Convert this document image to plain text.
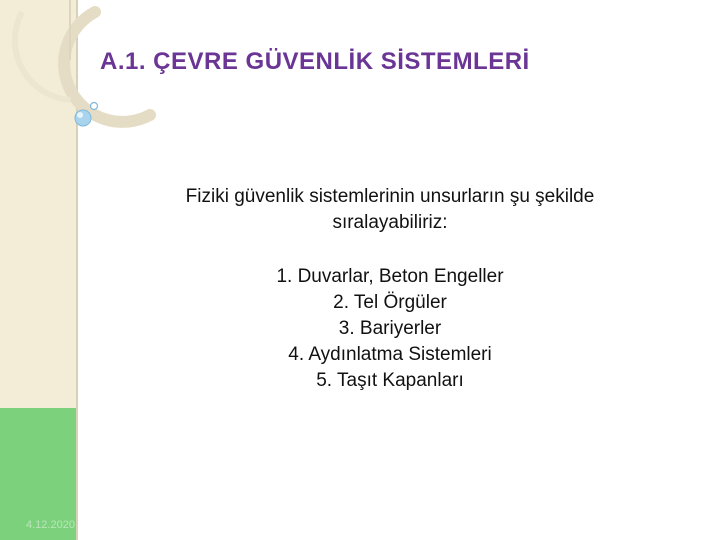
4.12.2020
A.1. ÇEVRE GÜVENLİK SİSTEMLERİ

Fiziki güvenlik sistemlerinin unsurların şu şekilde
sıralayabiliriz:

1. Duvarlar, Beton Engeller
2. Tel Örgüler
3. Bariyerler
4. Aydınlatma Sistemleri
5. Taşıt Kapanları
